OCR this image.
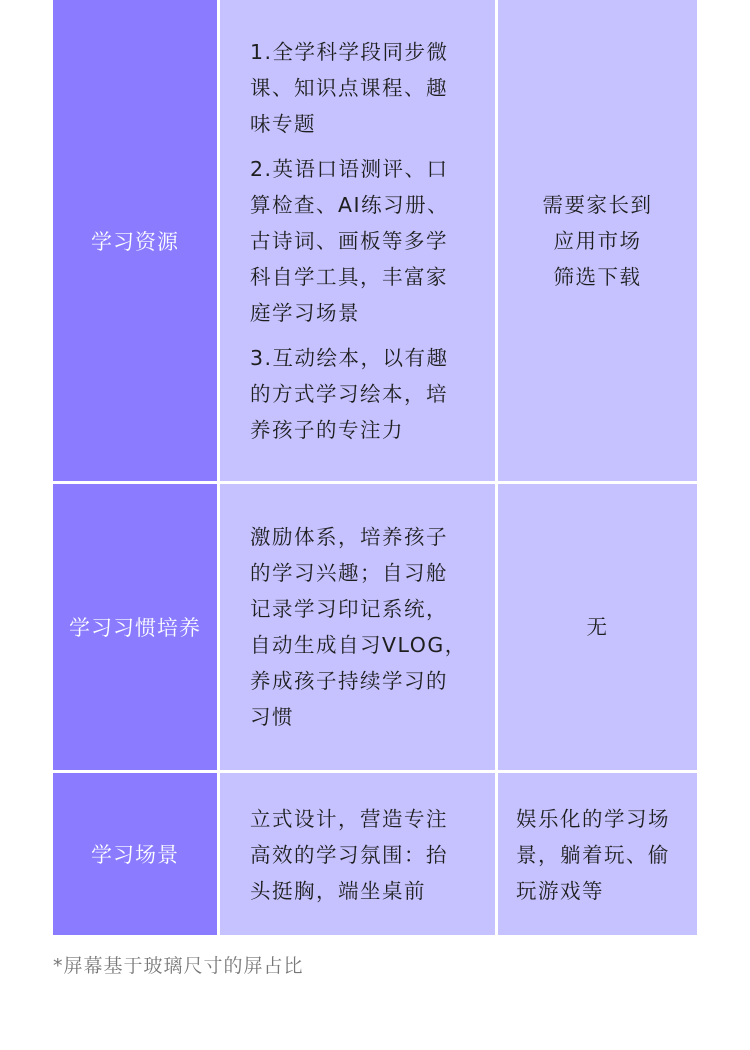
学习资源
1.全学科学段同步微课、知识点课程、趣味专题
2.英语口语测评、口算检查、AI练习册、古诗词、画板等多学科自学工具，丰富家庭学习场景
3.互动绘本，以有趣的方式学习绘本，培养孩子的专注力
需要家长到
应用市场
筛选下载
学习习惯培养
激励体系，培养孩子的学习兴趣；自习舱记录学习印记系统，自动生成自习VLOG，养成孩子持续学习的习惯
无
学习场景
立式设计，营造专注高效的学习氛围：抬头挺胸，端坐桌前
娱乐化的学习场景，躺着玩、偷玩游戏等
*屏幕基于玻璃尺寸的屏占比
